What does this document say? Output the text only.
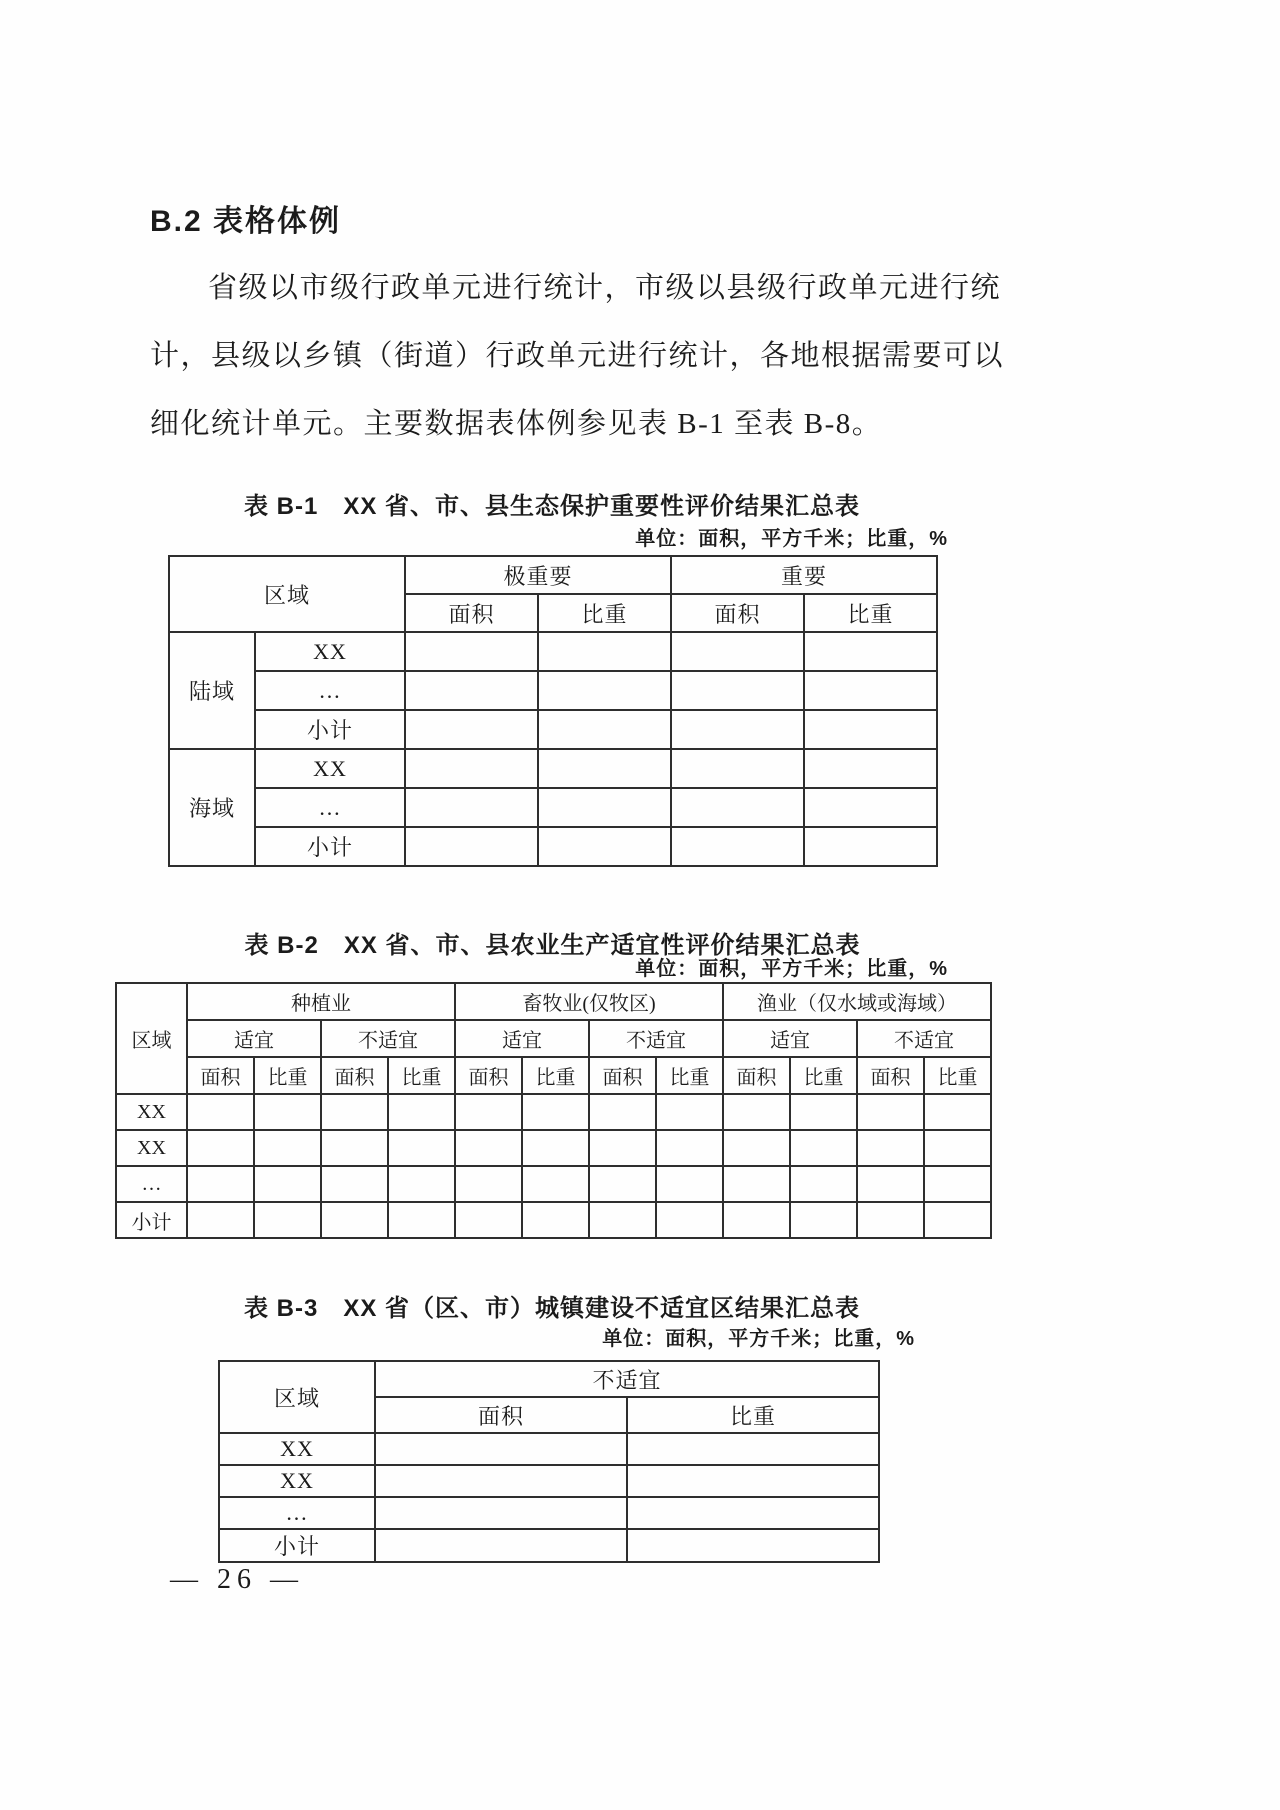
B.2 表格体例
省级以市级行政单元进行统计，市级以县级行政单元进行统
计，县级以乡镇（街道）行政单元进行统计，各地根据需要可以
细化统计单元。主要数据表体例参见表 B-1 至表 B-8。
表 B-1　XX 省、市、县生态保护重要性评价结果汇总表
单位：面积，平方千米；比重，%
区域		极重要		重要	
		面积	比重	面积	比重
陆域	XX				
	…				
	小计				
海域	XX				
	…				
	小计				
表 B-2　XX 省、市、县农业生产适宜性评价结果汇总表
单位：面积，平方千米；比重，%
区域	种植业				畜牧业(仅牧区)				渔业（仅水域或海域）			
	适宜		不适宜		适宜		不适宜		适宜		不适宜	
	面积	比重	面积	比重	面积	比重	面积	比重	面积	比重	面积	比重
XX												
XX												
…												
小计												
表 B-3　XX 省（区、市）城镇建设不适宜区结果汇总表
单位：面积，平方千米；比重，%
区域	不适宜	
	面积	比重
XX		
XX		
…		
小计		
— 26 —
